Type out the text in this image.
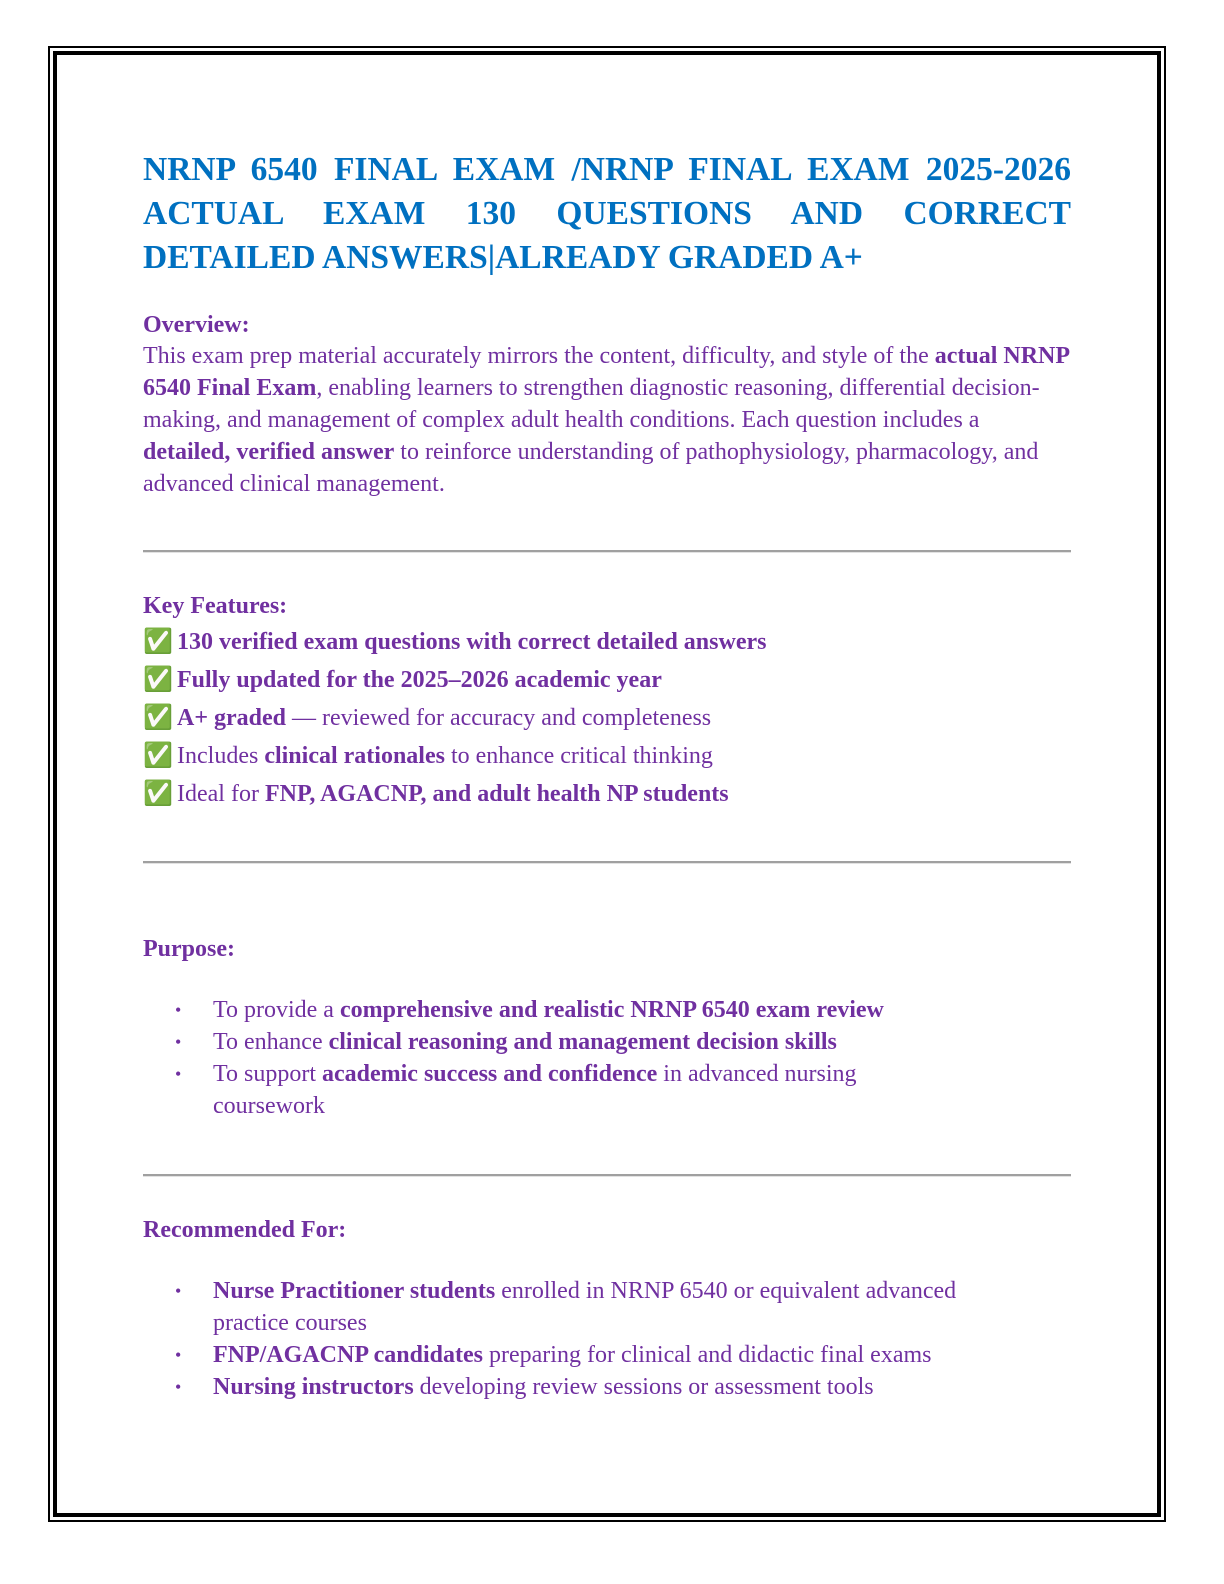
NRNP 6540 FINAL EXAM /NRNP FINAL EXAM 2025-2026 ACTUAL EXAM 130 QUESTIONS AND CORRECT DETAILED ANSWERS|ALREADY GRADED A+

Overview:

This exam prep material accurately mirrors the content, difficulty, and style of the actual NRNP 6540 Final Exam, enabling learners to strengthen diagnostic reasoning, differential decision-making, and management of complex adult health conditions. Each question includes a detailed, verified answer to reinforce understanding of pathophysiology, pharmacology, and advanced clinical management.

Key Features:

✅ 130 verified exam questions with correct detailed answers
✅ Fully updated for the 2025–2026 academic year
✅ A+ graded — reviewed for accuracy and completeness
✅ Includes clinical rationales to enhance critical thinking
✅ Ideal for FNP, AGACNP, and adult health NP students

Purpose:

•	To provide a comprehensive and realistic NRNP 6540 exam review
•	To enhance clinical reasoning and management decision skills
•	To support academic success and confidence in advanced nursing coursework

Recommended For:

•	Nurse Practitioner students enrolled in NRNP 6540 or equivalent advanced practice courses
•	FNP/AGACNP candidates preparing for clinical and didactic final exams
•	Nursing instructors developing review sessions or assessment tools
